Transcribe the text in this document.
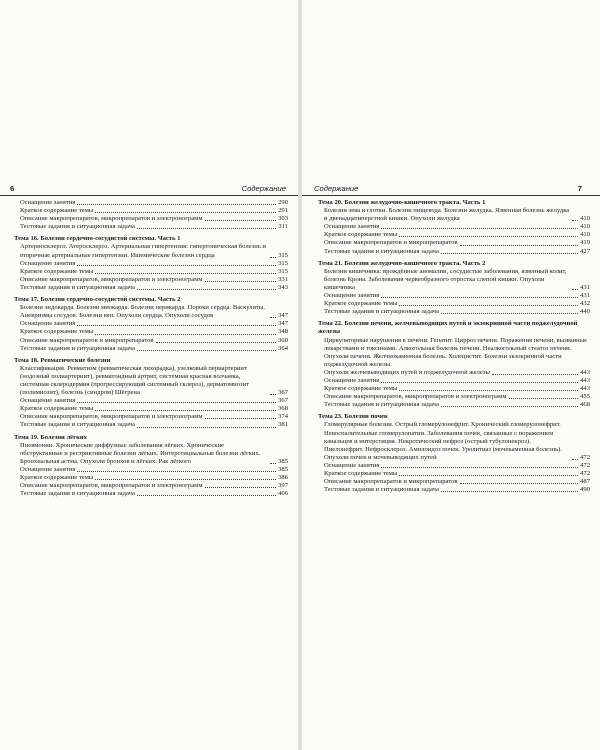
6	Содержание
Оснащение занятия	290
Краткое содержание темы	291
Описание макропрепаратов, микропрепаратов и электронограмм	303
Тестовые задания и ситуационная задача	311
Тема 16. Болезни сердечно-сосудистой системы. Часть 1
Артериосклероз. Атеросклероз. Артериальная гипертензия: гипертоническая болезнь и вторичные артериальные гипертензии. Ишемические болезни сердца	315
Оснащение занятия	315
Краткое содержание темы	315
Описание макропрепаратов, микропрепаратов и электронограмм	331
Тестовые задания и ситуационная задача	343
Тема 17. Болезни сердечно-сосудистой системы. Часть 2
Болезни эндокарда. Болезни миокарда. Болезни перикарда. Пороки сердца. Васкулиты. Аневризмы сосудов. Болезни вен. Опухоли сердца. Опухоли сосудов	347
Оснащение занятия	347
Краткое содержание темы	348
Описание макропрепаратов и микропрепаратов	360
Тестовые задания и ситуационная задача	364
Тема 18. Ревматические болезни
Классификация. Ревматизм (ревматическая лихорадка), узелковый периартериит (нодозный полиартериит), ревматоидный артрит, системная красная волчанка, системная склеродермия (прогрессирующий системный склероз), дерматомиозит (полимиозит), болезнь (синдром) Шёгрена	367
Оснащение занятия	367
Краткое содержание темы	368
Описание макропрепаратов, микропрепаратов и электронограмм	374
Тестовые задания и ситуационная задача	381
Тема 19. Болезни лёгких
Пневмонии. Хронические диффузные заболевания лёгких. Хронические обструктивные и рестриктивные болезни лёгких. Интерстициальные болезни лёгких. Бронхиальная астма. Опухоли бронхов и лёгких. Рак лёгкого	385
Оснащение занятия	385
Краткое содержание темы	386
Описание макропрепаратов, микропрепаратов и электронограмм	397
Тестовые задания и ситуационная задача	406
Содержание	7
Тема 20. Болезни желудочно-кишечного тракта. Часть 1
Болезни зева и глотки. Болезни пищевода. Болезни желудка. Язвенная болезнь желудка и двенадцатиперстной кишки. Опухоли желудка	410
Оснащение занятия	410
Краткое содержание темы	410
Описание макропрепаратов и микропрепаратов	419
Тестовые задания и ситуационная задача	427
Тема 21. Болезни желудочно-кишечного тракта. Часть 2
Болезни кишечника: врождённые аномалии, сосудистые заболевания, язвенный колит, болезнь Крона. Заболевания червеобразного отростка слепой кишки. Опухоли кишечника	431
Оснащение занятия	431
Краткое содержание темы	432
Тестовые задания и ситуационная задача	440
Тема 22. Болезни печени, желчевыводящих путей и экзокринной части поджелудочной железы
Циркуляторные нарушения в печени. Гепатит. Цирроз печени. Поражения печени, вызванные лекарствами и токсинами. Алкогольная болезнь печени. Неалкогольный стеатоз печени. Опухоли печени. Желчнокаменная болезнь. Холецистит. Болезни экзокринной части поджелудочной железы.
Опухоли желчевыводящих путей и поджелудочной железы	443
Оснащение занятия	443
Краткое содержание темы	443
Описание макропрепаратов, микропрепаратов и электронограмм	455
Тестовые задания и ситуационная задача	468
Тема 23. Болезни почек
Гломерулярные болезни. Острый гломерулонефрит. Хронический гломерулонефрит. Невоспалительные гломерулопатии. Заболевания почек, связанные с поражением канальцев и интерстиция. Некротический нефроз (острый тубулонекроз). Пиелонефрит. Нефросклероз. Амилоидоз почек. Уролитиаз (мочекаменная болезнь). Опухоли почек и мочевыводящих путей	472
Оснащение занятия	472
Краткое содержание темы	472
Описание макропрепаратов и микропрепаратов	487
Тестовые задания и ситуационная задача	490
